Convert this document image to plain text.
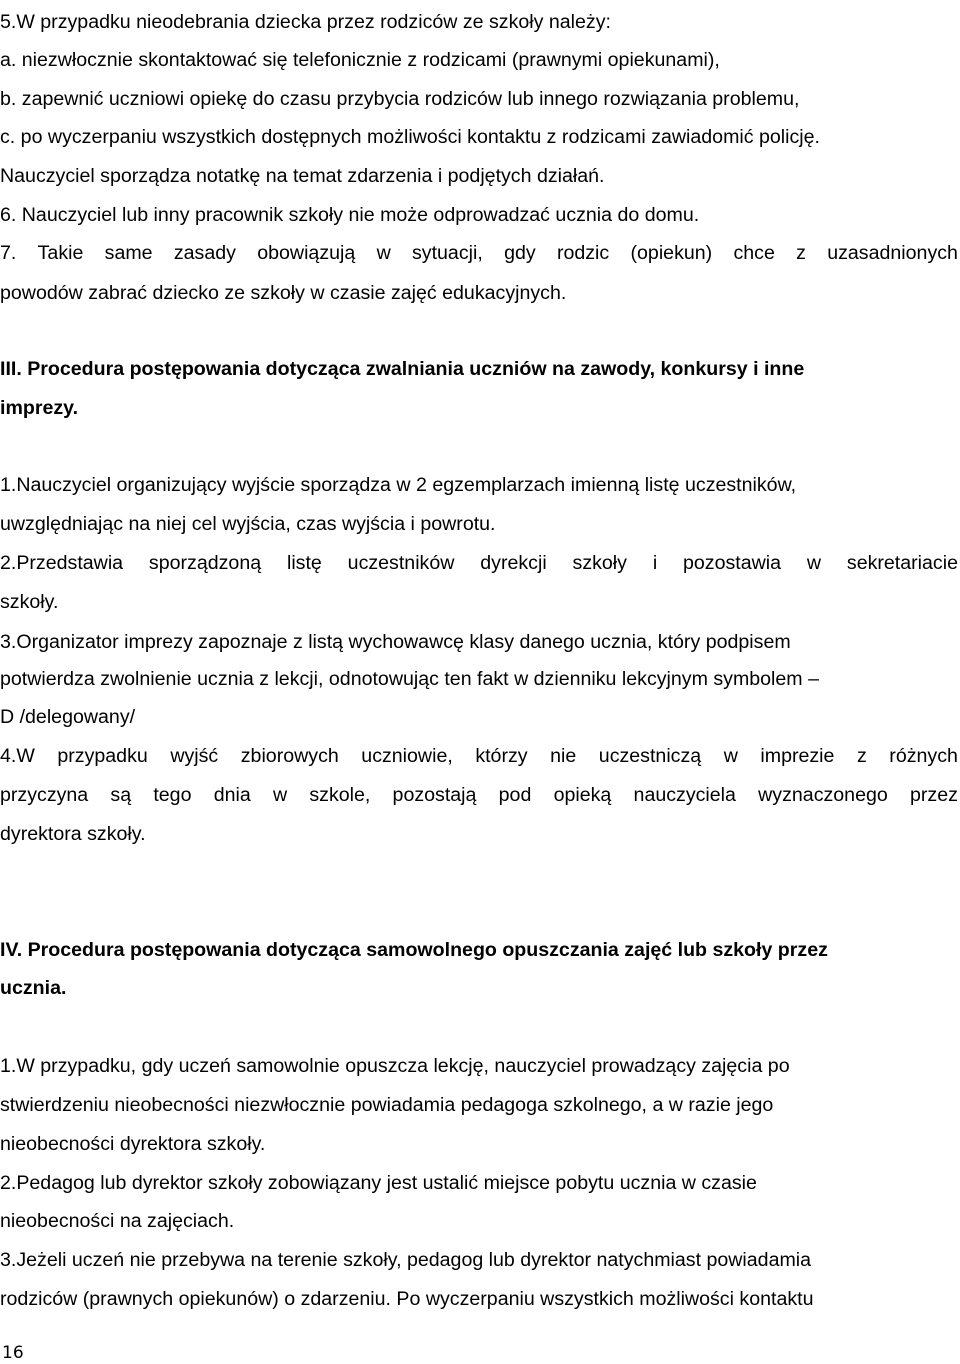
5.W przypadku nieodebrania dziecka przez rodziców ze szkoły należy:

a. niezwłocznie skontaktować się telefonicznie z rodzicami (prawnymi opiekunami),

b. zapewnić uczniowi opiekę do czasu przybycia rodziców lub innego rozwiązania problemu,

c. po wyczerpaniu wszystkich dostępnych możliwości kontaktu z rodzicami zawiadomić policję.

Nauczyciel sporządza notatkę na temat zdarzenia i podjętych działań.

6. Nauczyciel lub inny pracownik szkoły nie może odprowadzać ucznia do domu.

7. Takie same zasady obowiązują w sytuacji, gdy rodzic (opiekun) chce z uzasadnionych

powodów zabrać dziecko ze szkoły w czasie zajęć edukacyjnych.

III. Procedura postępowania dotycząca zwalniania uczniów na zawody, konkursy i inne

imprezy.

1.Nauczyciel organizujący wyjście sporządza w 2 egzemplarzach imienną listę uczestników,

uwzględniając na niej cel wyjścia, czas wyjścia i powrotu.

2.Przedstawia sporządzoną listę uczestników dyrekcji szkoły i pozostawia w sekretariacie

szkoły.

3.Organizator imprezy zapoznaje z listą wychowawcę klasy danego ucznia, który podpisem

potwierdza zwolnienie ucznia z lekcji, odnotowując ten fakt w dzienniku lekcyjnym symbolem –

D /delegowany/

4.W przypadku wyjść zbiorowych uczniowie, którzy nie uczestniczą w imprezie z różnych

przyczyna są tego dnia w szkole, pozostają pod opieką nauczyciela wyznaczonego przez

dyrektora szkoły.

IV. Procedura postępowania dotycząca samowolnego opuszczania zajęć lub szkoły przez

ucznia.

1.W przypadku, gdy uczeń samowolnie opuszcza lekcję, nauczyciel prowadzący zajęcia po

stwierdzeniu nieobecności niezwłocznie powiadamia pedagoga szkolnego, a w razie jego

nieobecności dyrektora szkoły.

2.Pedagog lub dyrektor szkoły zobowiązany jest ustalić miejsce pobytu ucznia w czasie

nieobecności na zajęciach.

3.Jeżeli uczeń nie przebywa na terenie szkoły, pedagog lub dyrektor natychmiast powiadamia

rodziców (prawnych opiekunów) o zdarzeniu. Po wyczerpaniu wszystkich możliwości kontaktu

16
